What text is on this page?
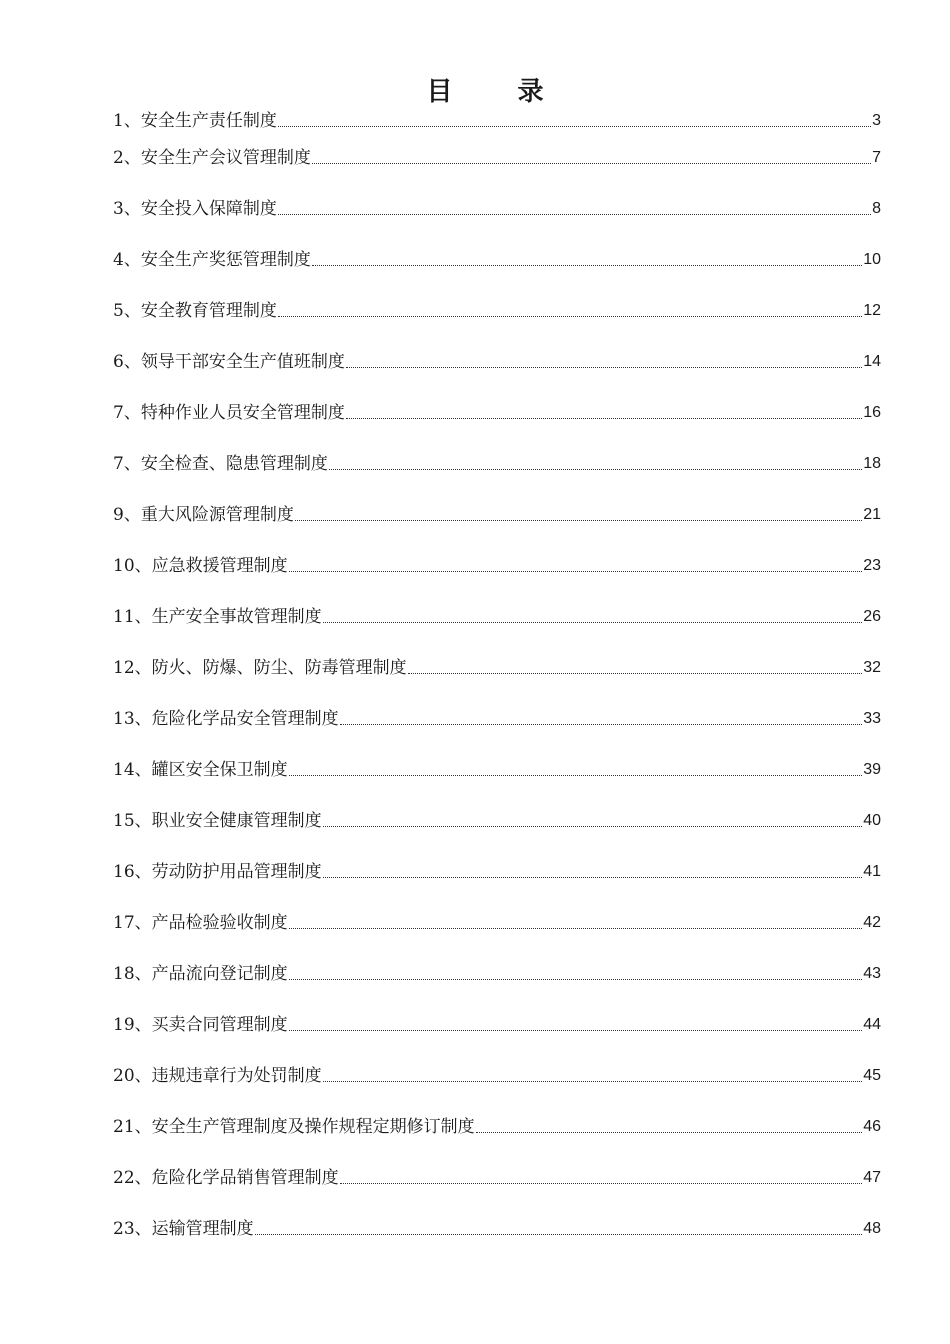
目 录
1、安全生产责任制度	3
2、安全生产会议管理制度	7
3、安全投入保障制度	8
4、安全生产奖惩管理制度	10
5、安全教育管理制度	12
6、领导干部安全生产值班制度	14
7、特种作业人员安全管理制度	16
7、安全检查、隐患管理制度	18
9、重大风险源管理制度	21
10、应急救援管理制度	23
11、生产安全事故管理制度	26
12、防火、防爆、防尘、防毒管理制度	32
13、危险化学品安全管理制度	33
14、罐区安全保卫制度	39
15、职业安全健康管理制度	40
16、劳动防护用品管理制度	41
17、产品检验验收制度	42
18、产品流向登记制度	43
19、买卖合同管理制度	44
20、违规违章行为处罚制度	45
21、安全生产管理制度及操作规程定期修订制度	46
22、危险化学品销售管理制度	47
23、运输管理制度	48
